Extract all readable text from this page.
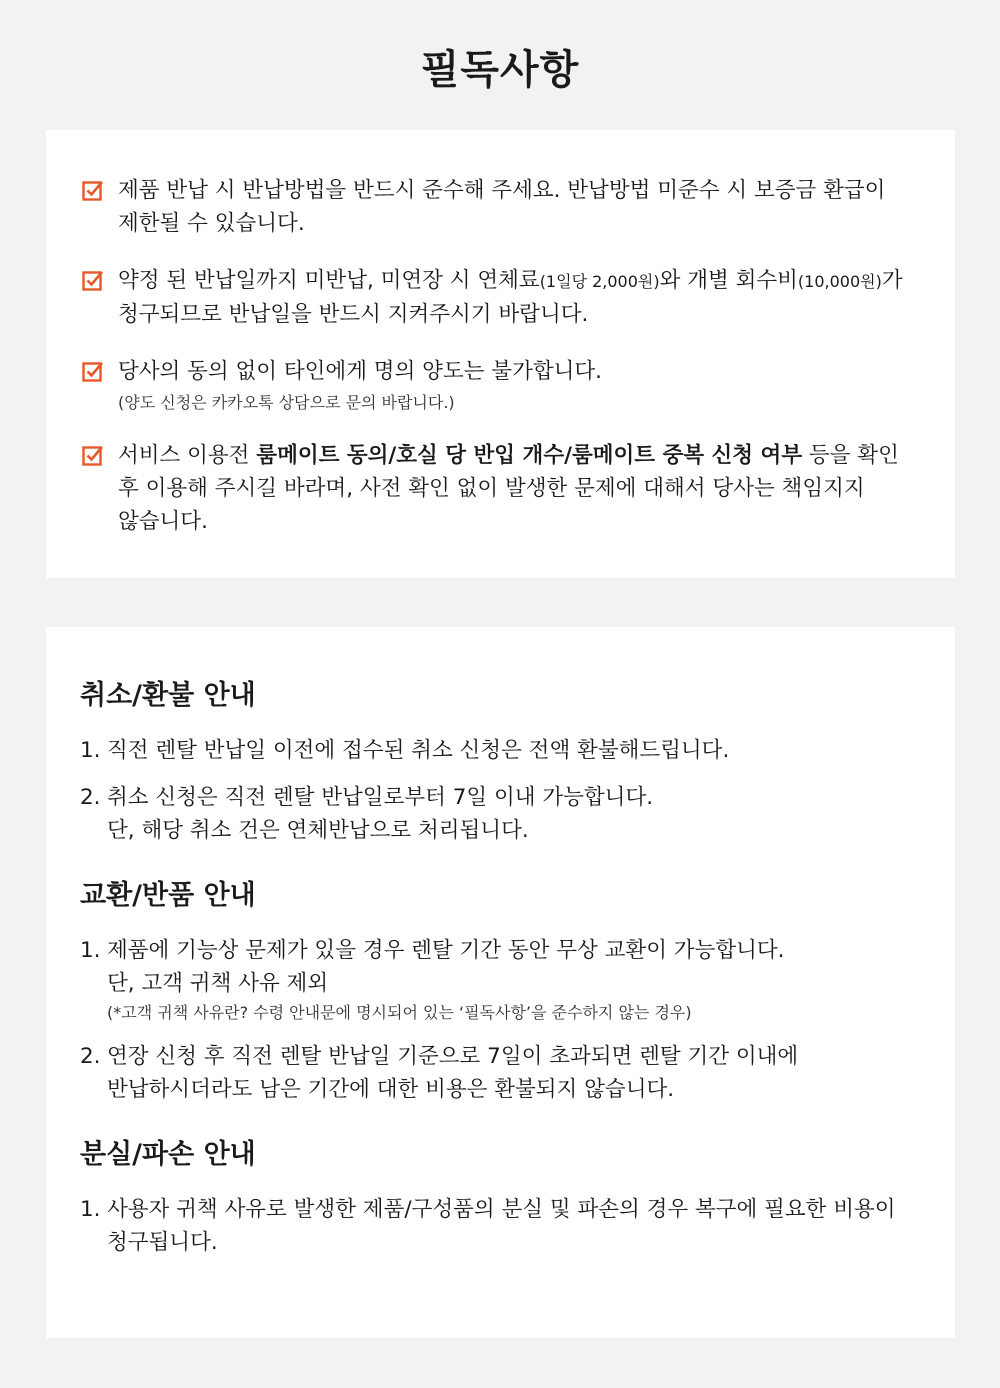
필독사항

제품 반납 시 반납방법을 반드시 준수해 주세요. 반납방법 미준수 시 보증금 환급이 제한될 수 있습니다.

약정 된 반납일까지 미반납, 미연장 시 연체료(1일당 2,000원)와 개별 회수비(10,000원)가 청구되므로 반납일을 반드시 지켜주시기 바랍니다.

당사의 동의 없이 타인에게 명의 양도는 불가합니다.

(양도 신청은 카카오톡 상담으로 문의 바랍니다.)

서비스 이용전 룸메이트 동의/호실 당 반입 개수/룸메이트 중복 신청 여부 등을 확인 후 이용해 주시길 바라며, 사전 확인 없이 발생한 문제에 대해서 당사는 책임지지 않습니다.

취소/환불 안내
1. 직전 렌탈 반납일 이전에 접수된 취소 신청은 전액 환불해드립니다.
2. 취소 신청은 직전 렌탈 반납일로부터 7일 이내 가능합니다.
단, 해당 취소 건은 연체반납으로 처리됩니다.
교환/반품 안내
1. 제품에 기능상 문제가 있을 경우 렌탈 기간 동안 무상 교환이 가능합니다.
단, 고객 귀책 사유 제외
(*고객 귀책 사유란? 수령 안내문에 명시되어 있는 ‘필독사항’을 준수하지 않는 경우)
2. 연장 신청 후 직전 렌탈 반납일 기준으로 7일이 초과되면 렌탈 기간 이내에 반납하시더라도 남은 기간에 대한 비용은 환불되지 않습니다.
분실/파손 안내
1. 사용자 귀책 사유로 발생한 제품/구성품의 분실 및 파손의 경우 복구에 필요한 비용이 청구됩니다.
